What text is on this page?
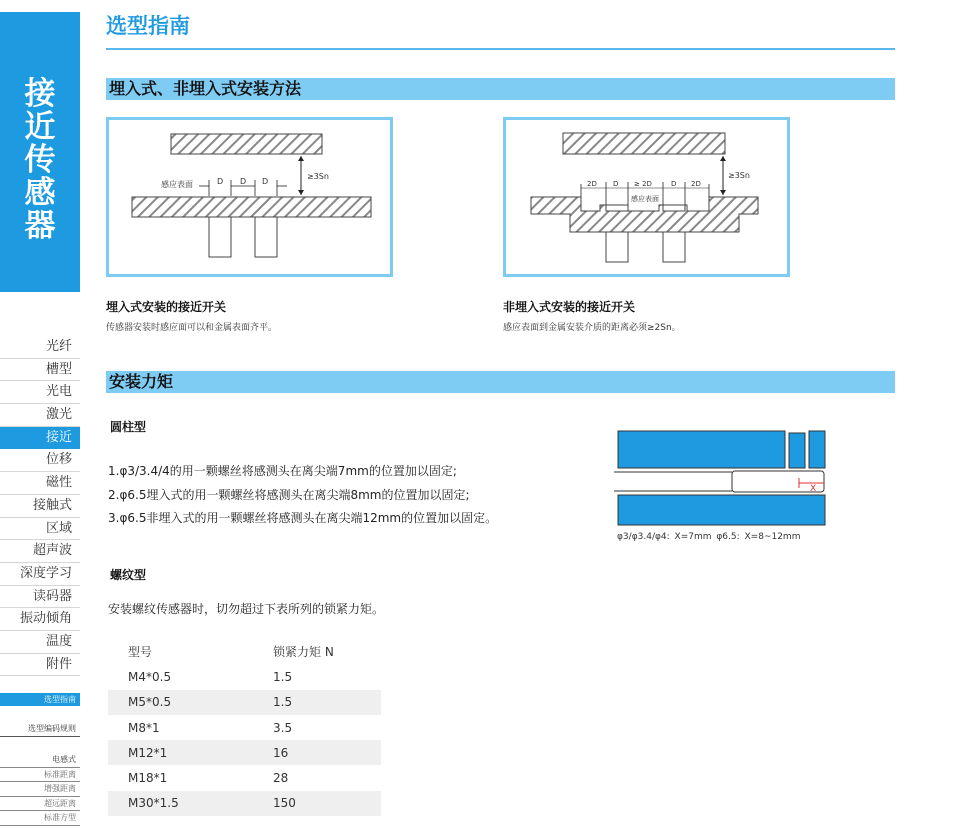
接
近
传
感
器
光纤
槽型
光电
激光
接近
位移
磁性
接触式
区域
超声波
深度学习
读码器
振动倾角
温度
附件
选型指南
选型编码规则
电感式
标准距离
增强距离
超远距离
标准方型
选型指南
埋入式、非埋入式安装方法
≥3Sn
感应表面	D D D
≥3Sn
2D D ≥ 2D	D 2D
感应表面
埋入式安装的接近开关
传感器安装时感应面可以和金属表面齐平。
非埋入式安装的接近开关
感应表面到金属安装介质的距离必须≥2Sn。
安装力矩
圆柱型
1.φ3/3.4/4的用一颗螺丝将感测头在离尖端7mm的位置加以固定;
2.φ6.5埋入式的用一颗螺丝将感测头在离尖端8mm的位置加以固定;
3.φ6.5非埋入式的用一颗螺丝将感测头在离尖端12mm的位置加以固定。
X
φ3/φ3.4/φ4: X=7mm φ6.5: X=8~12mm
螺纹型
安装螺纹传感器时，切勿超过下表所列的锁紧力矩。
型号	锁紧力矩 N
M4*0.5	1.5
M5*0.5	1.5
M8*1	3.5
M12*1	16
M18*1	28
M30*1.5	150
